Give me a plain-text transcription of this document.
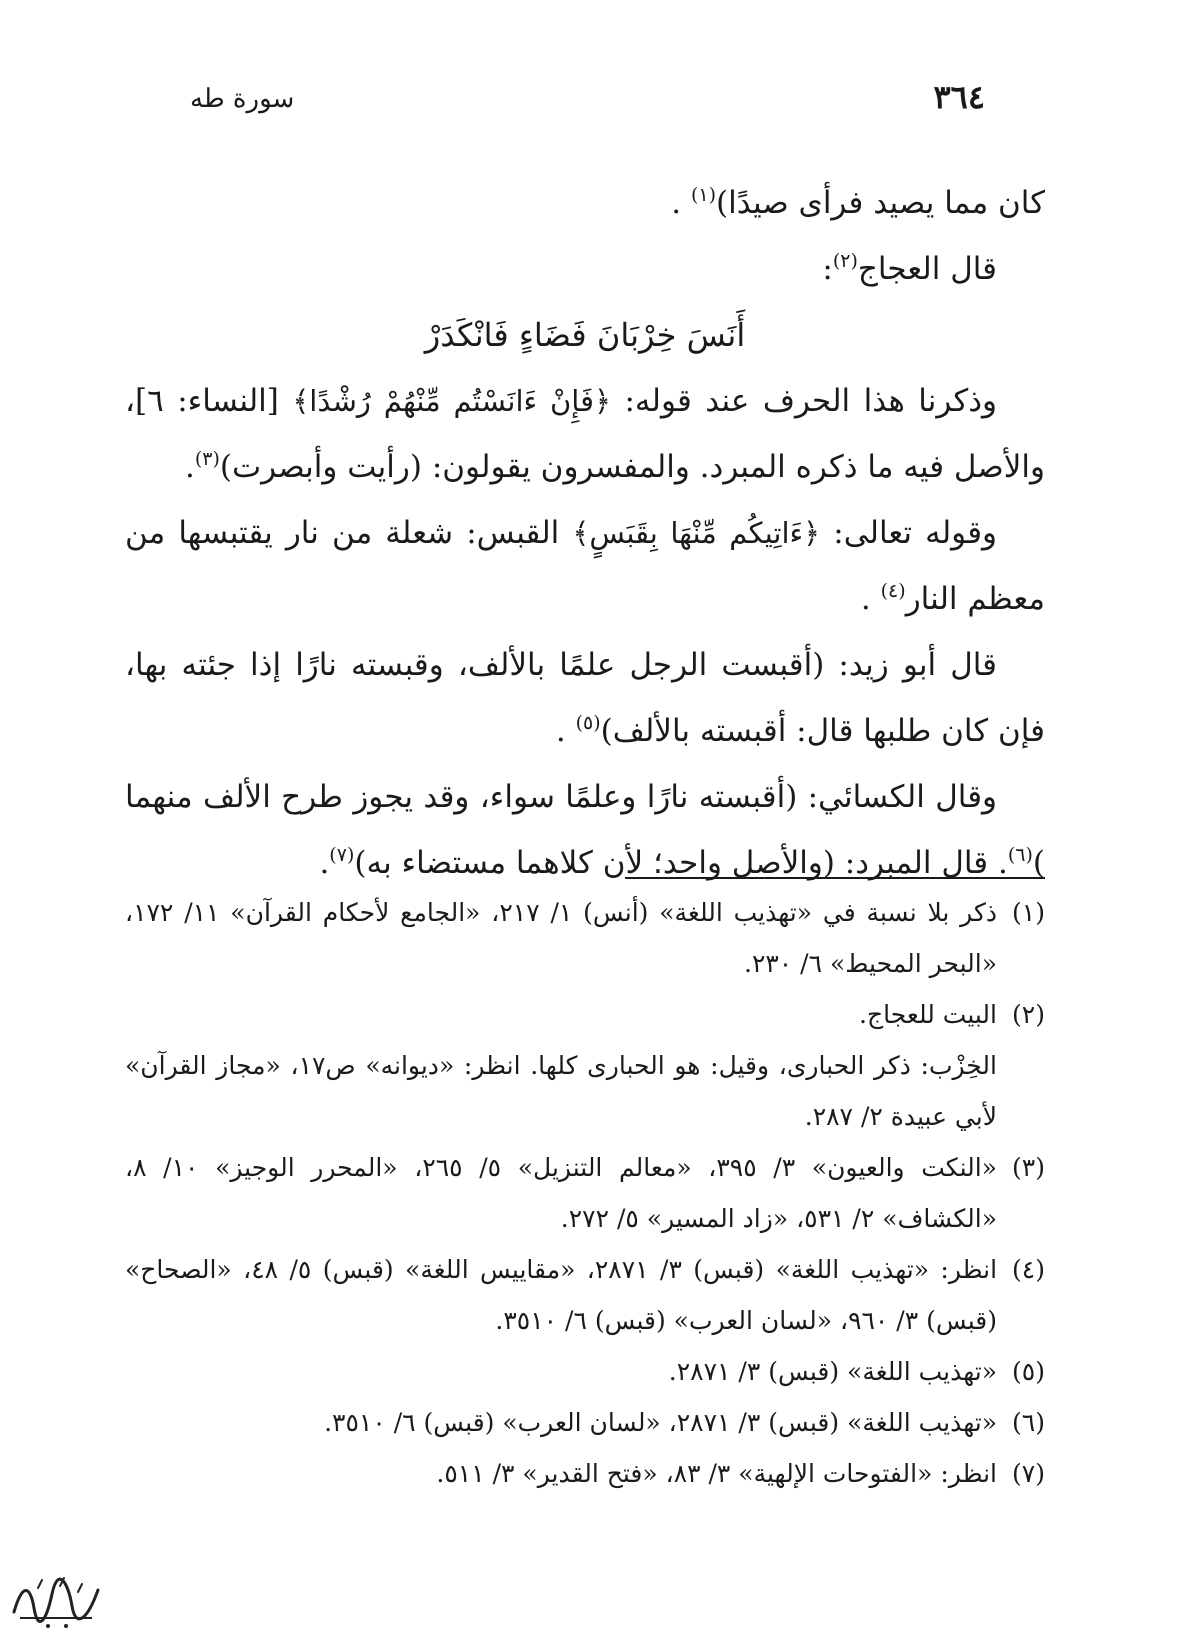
٣٦٤
سورة طه

كان مما يصيد فرأى صيدًا)$^{(١)}$ .

قال العجاج$^{(٢)}$:

أَنَسَ خِرْبَانَ فَضَاءٍ فَانْكَدَرْ

وذكرنا هذا الحرف عند قوله: ﴿فَإِنْ ءَانَسْتُم مِّنْهُمْ رُشْدًا﴾ [النساء: ٦]، والأصل فيه ما ذكره المبرد. والمفسرون يقولون: (رأيت وأبصرت)$^{(٣)}$.

وقوله تعالى: ﴿ءَاتِيكُم مِّنْهَا بِقَبَسٍ﴾ القبس: شعلة من نار يقتبسها من معظم النار$^{(٤)}$ .

قال أبو زيد: (أقبست الرجل علمًا بالألف، وقبسته نارًا إذا جئته بها، فإن كان طلبها قال: أقبسته بالألف)$^{(٥)}$ .

وقال الكسائي: (أقبسته نارًا وعلمًا سواء، وقد يجوز طرح الألف منهما )$^{(٦)}$. قال المبرد: (والأصل واحد؛ لأن كلاهما مستضاء به)$^{(٧)}$.

(١)
ذكر بلا نسبة في «تهذيب اللغة» (أنس) ١/ ٢١٧، «الجامع لأحكام القرآن» ١١/ ١٧٢، «البحر المحيط» ٦/ ٢٣٠.
(٢)
البيت للعجاج.
الخِزْب: ذكر الحبارى، وقيل: هو الحبارى كلها. انظر: «ديوانه» ص١٧، «مجاز القرآن» لأبي عبيدة ٢/ ٢٨٧.
(٣)
«النكت والعيون» ٣/ ٣٩٥، «معالم التنزيل» ٥/ ٢٦٥، «المحرر الوجيز» ١٠/ ٨، «الكشاف» ٢/ ٥٣١، «زاد المسير» ٥/ ٢٧٢.
(٤)
انظر: «تهذيب اللغة» (قبس) ٣/ ٢٨٧١، «مقاييس اللغة» (قبس) ٥/ ٤٨، «الصحاح» (قبس) ٣/ ٩٦٠، «لسان العرب» (قبس) ٦/ ٣٥١٠.
(٥)
«تهذيب اللغة» (قبس) ٣/ ٢٨٧١.
(٦)
«تهذيب اللغة» (قبس) ٣/ ٢٨٧١، «لسان العرب» (قبس) ٦/ ٣٥١٠.
(٧)
انظر: «الفتوحات الإلهية» ٣/ ٨٣، «فتح القدير» ٣/ ٥١١.
